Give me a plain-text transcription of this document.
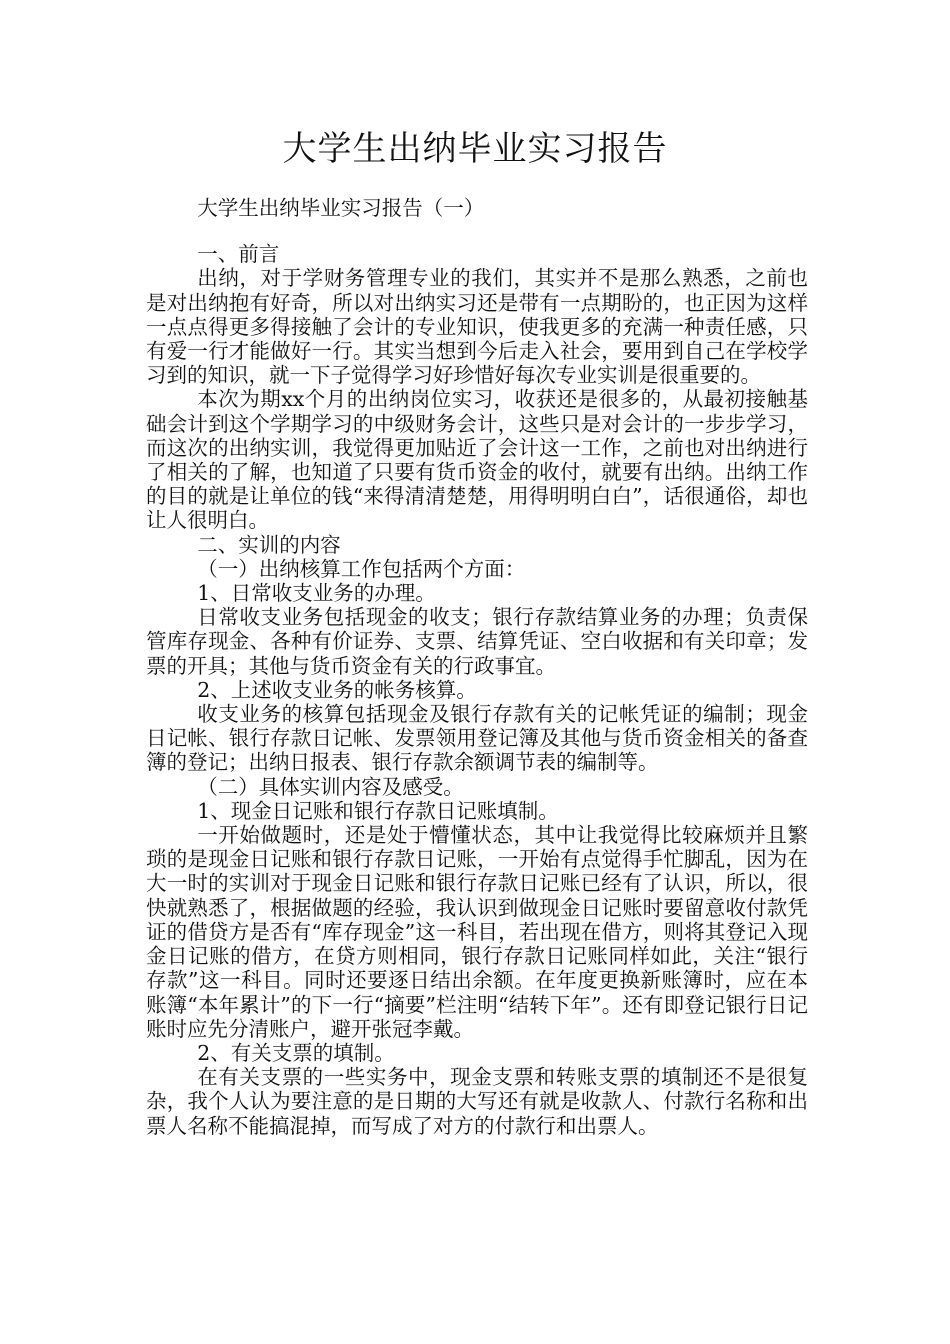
大学生出纳毕业实习报告

大学生出纳毕业实习报告（一）

一、前言

出纳，对于学财务管理专业的我们，其实并不是那么熟悉，之前也是对出纳抱有好奇，所以对出纳实习还是带有一点期盼的，也正因为这样一点点得更多得接触了会计的专业知识，使我更多的充满一种责任感，只有爱一行才能做好一行。其实当想到今后走入社会，要用到自己在学校学习到的知识，就一下子觉得学习好珍惜好每次专业实训是很重要的。

本次为期xx个月的出纳岗位实习，收获还是很多的，从最初接触基础会计到这个学期学习的中级财务会计，这些只是对会计的一步步学习，而这次的出纳实训，我觉得更加贴近了会计这一工作，之前也对出纳进行了相关的了解，也知道了只要有货币资金的收付，就要有出纳。出纳工作的目的就是让单位的钱“来得清清楚楚，用得明明白白”，话很通俗，却也让人很明白。

二、实训的内容

（一）出纳核算工作包括两个方面：

1、日常收支业务的办理。

日常收支业务包括现金的收支；银行存款结算业务的办理；负责保管库存现金、各种有价证券、支票、结算凭证、空白收据和有关印章；发票的开具；其他与货币资金有关的行政事宜。

2、上述收支业务的帐务核算。

收支业务的核算包括现金及银行存款有关的记帐凭证的编制；现金日记帐、银行存款日记帐、发票领用登记簿及其他与货币资金相关的备查簿的登记；出纳日报表、银行存款余额调节表的编制等。

（二）具体实训内容及感受。

1、现金日记账和银行存款日记账填制。

一开始做题时，还是处于懵懂状态，其中让我觉得比较麻烦并且繁琐的是现金日记账和银行存款日记账，一开始有点觉得手忙脚乱，因为在大一时的实训对于现金日记账和银行存款日记账已经有了认识，所以，很快就熟悉了，根据做题的经验，我认识到做现金日记账时要留意收付款凭证的借贷方是否有“库存现金”这一科目，若出现在借方，则将其登记入现金日记账的借方，在贷方则相同，银行存款日记账同样如此，关注“银行存款”这一科目。同时还要逐日结出余额。在年度更换新账簿时，应在本账簿“本年累计”的下一行“摘要”栏注明“结转下年”。还有即登记银行日记账时应先分清账户，避开张冠李戴。

2、有关支票的填制。

在有关支票的一些实务中，现金支票和转账支票的填制还不是很复杂，我个人认为要注意的是日期的大写还有就是收款人、付款行名称和出票人名称不能搞混掉，而写成了对方的付款行和出票人。
